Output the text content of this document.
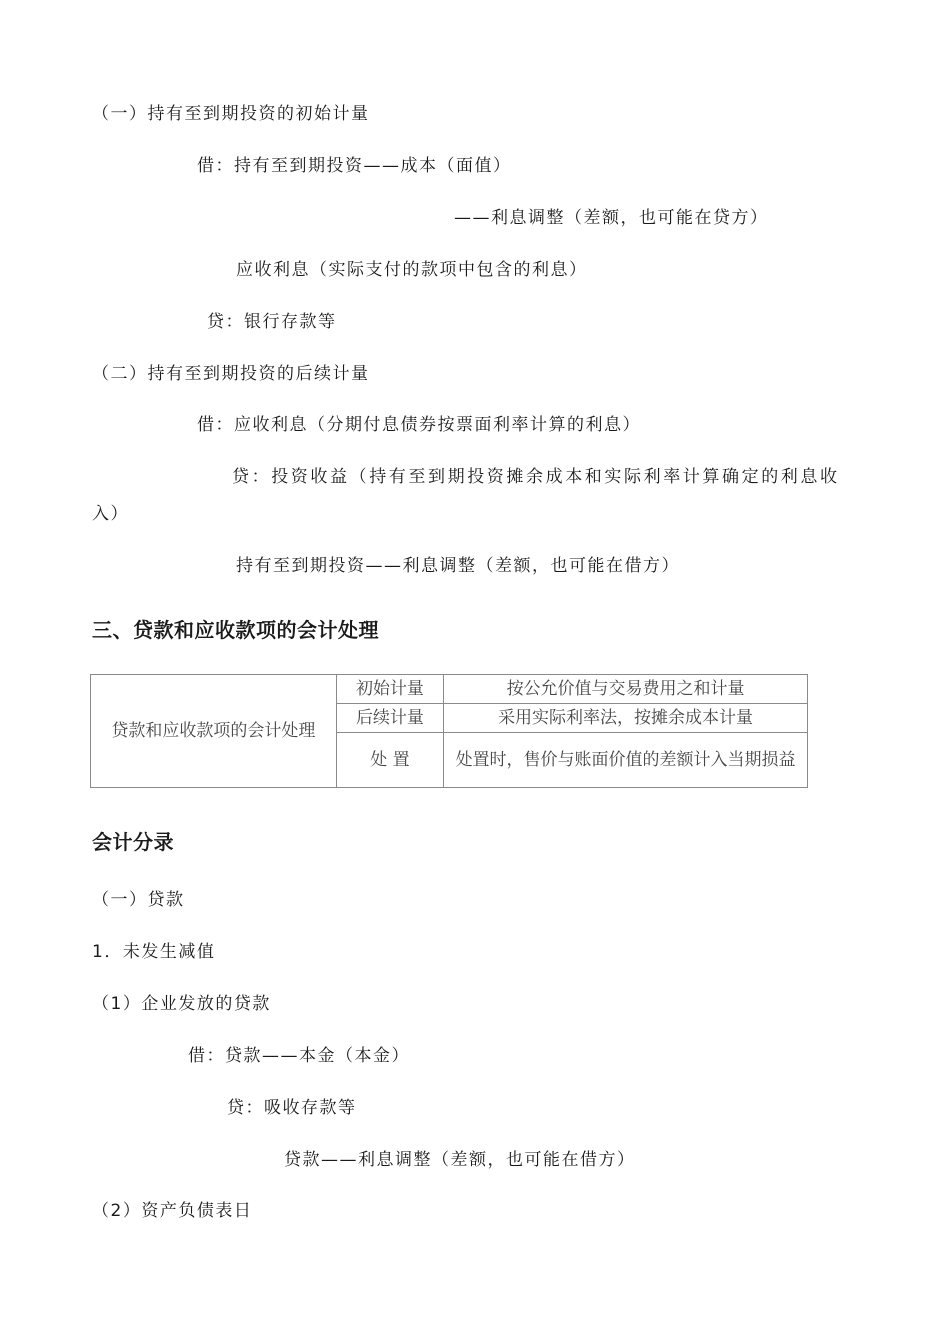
（一）持有至到期投资的初始计量
借：持有至到期投资——成本（面值）
——利息调整（差额，也可能在贷方）
应收利息（实际支付的款项中包含的利息）
贷：银行存款等
（二）持有至到期投资的后续计量
借：应收利息（分期付息债券按票面利率计算的利息）
贷：投资收益（持有至到期投资摊余成本和实际利率计算确定的利息收
入）
持有至到期投资——利息调整（差额，也可能在借方）
三、贷款和应收款项的会计处理
贷款和应收款项的会计处理	初始计量	按公允价值与交易费用之和计量
	后续计量	采用实际利率法，按摊余成本计量
	处 置	处置时，售价与账面价值的差额计入当期损益
会计分录
（一）贷款
1．未发生减值
（1）企业发放的贷款
借：贷款——本金（本金）
贷：吸收存款等
贷款——利息调整（差额，也可能在借方）
（2）资产负债表日
